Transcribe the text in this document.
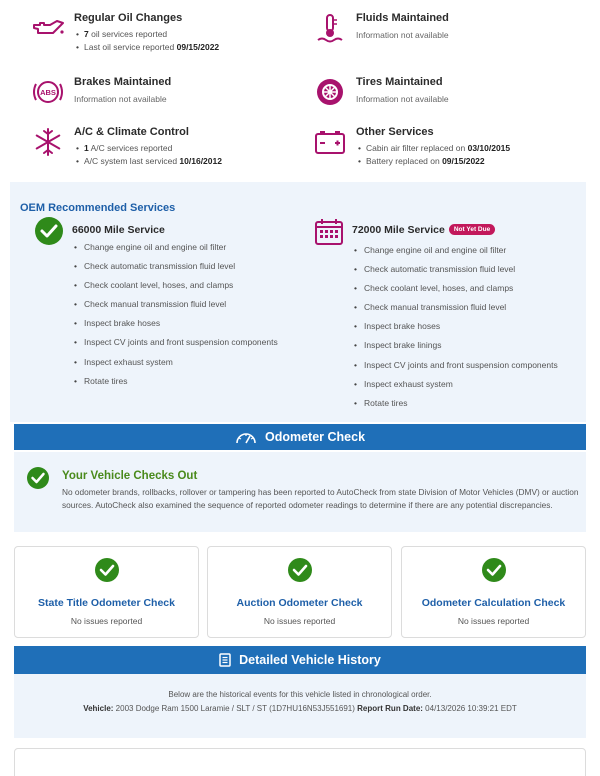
Regular Oil Changes
• 7 oil services reported
• Last oil service reported 09/15/2022
Fluids Maintained
Information not available
ABS
Brakes Maintained
Information not available
Tires Maintained
Information not available
A/C & Climate Control
• 1 A/C services reported
• A/C system last serviced 10/16/2012
Other Services
• Cabin air filter replaced on 03/10/2015
• Battery replaced on 09/15/2022
OEM Recommended Services
66000 Mile Service
• Change engine oil and engine oil filter
• Check automatic transmission fluid level
• Check coolant level, hoses, and clamps
• Check manual transmission fluid level
• Inspect brake hoses
• Inspect CV joints and front suspension components
• Inspect exhaust system
• Rotate tires
72000 Mile Service Not Yet Due
• Change engine oil and engine oil filter
• Check automatic transmission fluid level
• Check coolant level, hoses, and clamps
• Check manual transmission fluid level
• Inspect brake hoses
• Inspect brake linings
• Inspect CV joints and front suspension components
• Inspect exhaust system
• Rotate tires
Odometer Check
Your Vehicle Checks Out
No odometer brands, rollbacks, rollover or tampering has been reported to AutoCheck from state Division of Motor Vehicles (DMV) or auction sources. AutoCheck also examined the sequence of reported odometer readings to determine if there are any potential discrepancies.
State Title Odometer Check
No issues reported
Auction Odometer Check
No issues reported
Odometer Calculation Check
No issues reported
Detailed Vehicle History
Below are the historical events for this vehicle listed in chronological order.
Vehicle: 2003 Dodge Ram 1500 Laramie / SLT / ST (1D7HU16N53J551691) Report Run Date: 04/13/2026 10:39:21 EDT
